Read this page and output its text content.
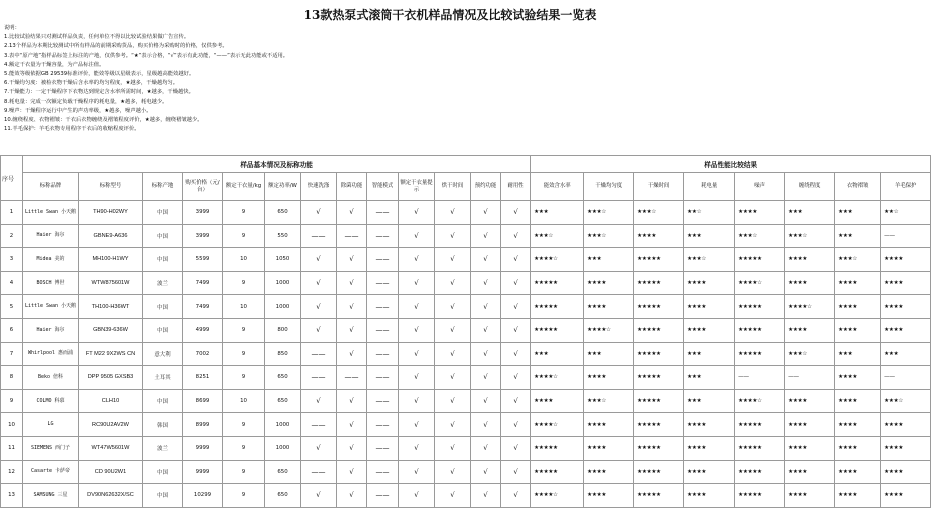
13款热泵式滚筒干衣机样品情况及比较试验结果一览表
说明：
1.比较试验结果只对测试样品负责，任何单位不得以比较试验结果做广告宣传。
2.13个样品为本期比较测试中所有样品的前期采购货品，购买价格为采购时的价格，仅供参考。
3.表中“原产地”指样品标签上标注的产地，仅供参考。“★”表示合格，“√”表示有此功能，“——”表示无此功能或不适用。
4.额定干衣量为干燥容量，为产品标注值。
5.能效等级依据GB 29539标准评价，能效等级以星级表示，星级越高能效越好。
6.干燥均匀度：被检衣物干燥后含水率的均匀程度，★越多，干燥越均匀。
7.干燥能力：一定干燥程序下衣物达到规定含水率所需时间，★越多，干燥越快。
8.耗电量：完成一次额定负载干燥程序的耗电量，★越多，耗电越少。
9.噪声：干燥程序运行中产生的声功率级，★越多，噪声越小。
10.缠绕程度、衣物褶皱：干衣后衣物缠绕及褶皱程度评价，★越多，缠绕褶皱越少。
11.羊毛保护：羊毛衣物专用程序干衣后的收缩程度评价。
序号	样品基本情况及标称功能													样品性能比较结果							
	标称品牌	标称型号	标称产地	购买价格（元/台）	额定干衣量/kg	额定功率/W	快速洗涤	除菌功能	智能模式	额定干衣量提示	烘干时间	预约功能	耐用性	能效含水率	干燥均匀度	干燥时间	耗电量	噪声	缠绕程度	衣物褶皱	羊毛保护
1	Little Swan 小天鹅	TH90-H02WY	中国	3999	9	650	√	√	——	√	√	√	√	★★★	★★★☆	★★★☆	★★☆	★★★★	★★★	★★★	★★☆
2	Haier 海尔	GBNE9-A636	中国	3999	9	550	——	——	——	√	√	√	√	★★★☆	★★★☆	★★★★	★★★	★★★☆	★★★☆	★★★	——
3	Midea 美的	MH100-H1WY	中国	5599	10	1050	√	√	——	√	√	√	√	★★★★☆	★★★	★★★★★	★★★☆	★★★★★	★★★★	★★★☆	★★★★
4	BOSCH 博世	WTW875601W	波兰	7499	9	1000	√	√	——	√	√	√	√	★★★★★	★★★★	★★★★★	★★★★	★★★★☆	★★★★	★★★★	★★★★
5	Little Swan 小天鹅	TH100-H36WT	中国	7499	10	1000	√	√	——	√	√	√	√	★★★★★	★★★★	★★★★★	★★★★	★★★★★	★★★★☆	★★★★	★★★★
6	Haier 海尔	GBN39-636W	中国	4999	9	800	√	√	——	√	√	√	√	★★★★★	★★★★☆	★★★★★	★★★★	★★★★★	★★★★	★★★★	★★★★
7	Whirlpool 惠而浦	FT M22 9X2WS CN	意大利	7002	9	850	——	√	——	√	√	√	√	★★★	★★★	★★★★★	★★★	★★★★★	★★★☆	★★★	★★★
8	Beko 倍科	DPP 9505 GXSB3	土耳其	8251	9	650	——	——	——	√	√	√	√	★★★★☆	★★★★	★★★★★	★★★	——	——	★★★★	——
9	COLMO 科慕	CLH10	中国	8699	10	650	√	√	——	√	√	√	√	★★★★	★★★☆	★★★★★	★★★	★★★★☆	★★★★	★★★★	★★★☆
10	LG	RC90U2AV2W	韩国	8999	9	1000	——	√	——	√	√	√	√	★★★★☆	★★★★	★★★★★	★★★★	★★★★★	★★★★	★★★★	★★★★
11	SIEMENS 西门子	WT47W5601W	波兰	9999	9	1000	√	√	——	√	√	√	√	★★★★★	★★★★	★★★★★	★★★★	★★★★★	★★★★	★★★★	★★★★
12	Casarte 卡萨帝	CD 90U2W1	中国	9999	9	650	——	√	——	√	√	√	√	★★★★★	★★★★	★★★★★	★★★★	★★★★★	★★★★	★★★★	★★★★
13	SAMSUNG 三星	DV90N62632X/SC	中国	10299	9	650	√	√	——	√	√	√	√	★★★★☆	★★★★	★★★★★	★★★★	★★★★★	★★★★	★★★★	★★★★
